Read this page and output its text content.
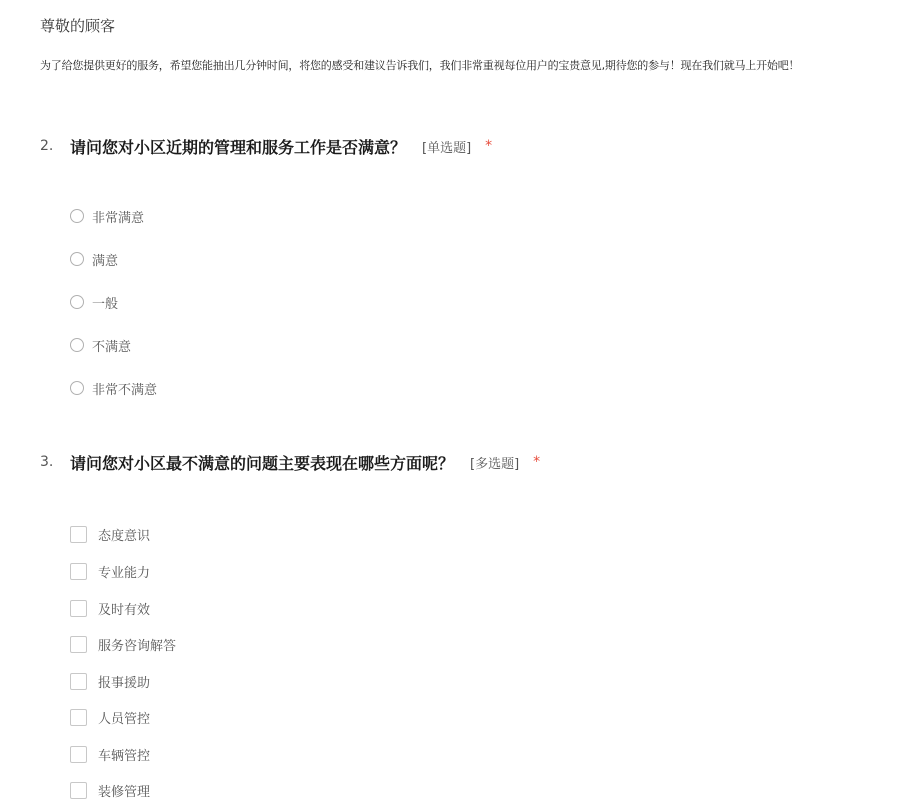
尊敬的顾客
为了给您提供更好的服务，希望您能抽出几分钟时间，将您的感受和建议告诉我们，我们非常重视每位用户的宝贵意见,期待您的参与！现在我们就马上开始吧！
2.	请问您对小区近期的管理和服务工作是否满意？ [单选题] *
非常满意
满意
一般
不满意
非常不满意
3.	请问您对小区最不满意的问题主要表现在哪些方面呢？ [多选题] *
态度意识
专业能力
及时有效
服务咨询解答
报事援助
人员管控
车辆管控
装修管理
